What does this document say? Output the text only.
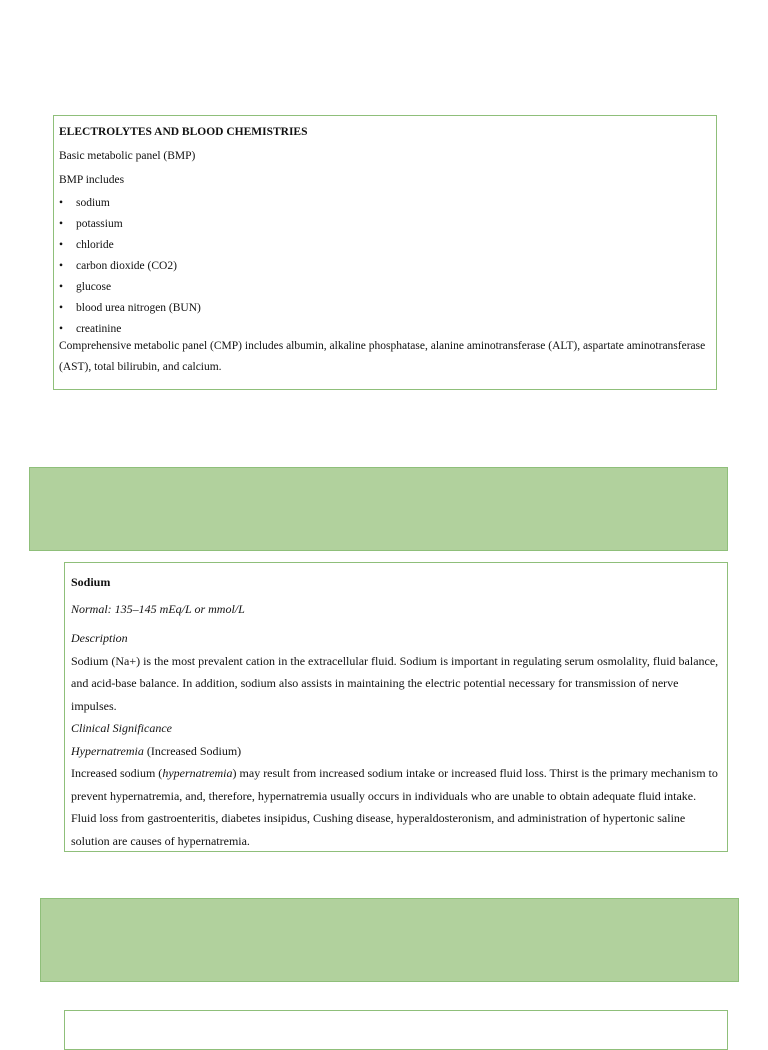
ELECTROLYTES AND BLOOD CHEMISTRIES
Basic metabolic panel (BMP)
BMP includes
• sodium
• potassium
• chloride
• carbon dioxide (CO2)
• glucose
• blood urea nitrogen (BUN)
• creatinine
Comprehensive metabolic panel (CMP) includes albumin, alkaline phosphatase, alanine aminotransferase (ALT), aspartate aminotransferase (AST), total bilirubin, and calcium.
Sodium
Normal: 135–145 mEq/L or mmol/L
Description
Sodium (Na+) is the most prevalent cation in the extracellular fluid. Sodium is important in regulating serum osmolality, fluid balance, and acid-base balance. In addition, sodium also assists in maintaining the electric potential necessary for transmission of nerve impulses.
Clinical Significance
Hypernatremia (Increased Sodium)
Increased sodium (hypernatremia) may result from increased sodium intake or increased fluid loss. Thirst is the primary mechanism to prevent hypernatremia, and, therefore, hypernatremia usually occurs in individuals who are unable to obtain adequate fluid intake. Fluid loss from gastroenteritis, diabetes insipidus, Cushing disease, hyperaldosteronism, and administration of hypertonic saline solution are causes of hypernatremia.
